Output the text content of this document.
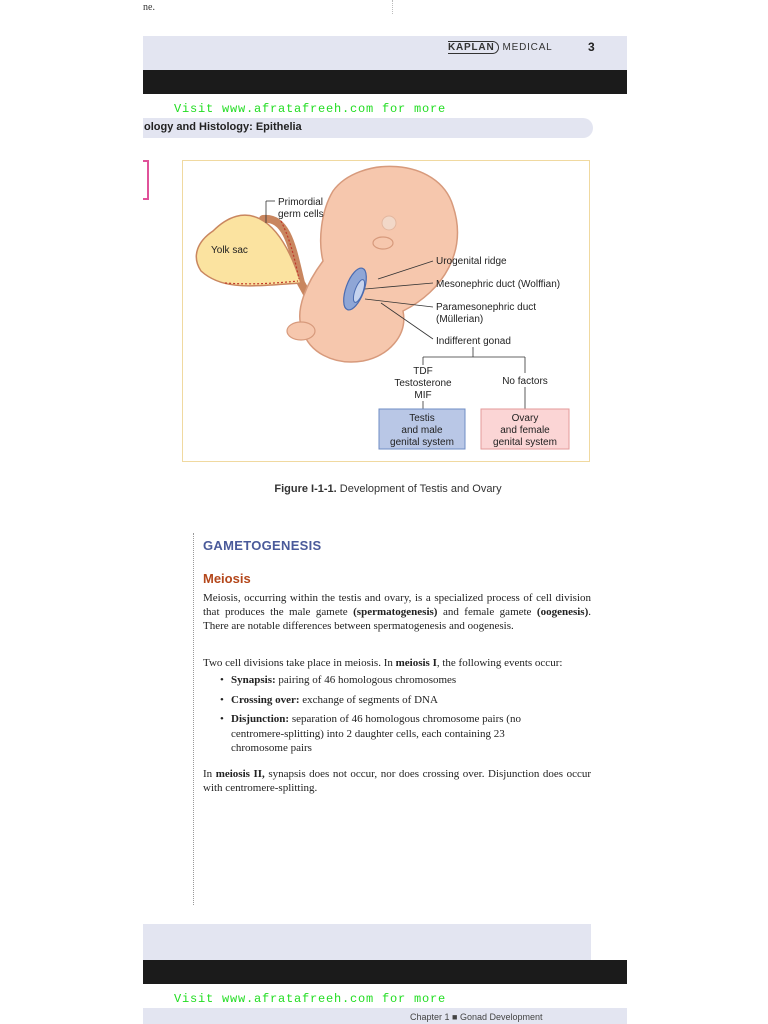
ne.
KAPLAN MEDICAL	3
Visit www.afratafreeh.com for more
ology and Histology: Epithelia
Primordial
germ cells
Yolk sac
Urogenital ridge
Mesonephric duct (Wolffian)
Paramesonephric duct
(Müllerian)
Indifferent gonad
TDF
Testosterone
MIF
No factors
Testis
and male
genital system
Ovary
and female
genital system
Figure I-1-1. Development of Testis and Ovary
GAMETOGENESIS
Meiosis
Meiosis, occurring within the testis and ovary, is a specialized process of cell division that produces the male gamete (spermatogenesis) and female gamete (oogenesis). There are notable differences between spermatogenesis and oogenesis.
Two cell divisions take place in meiosis. In meiosis I, the following events occur:
• Synapsis: pairing of 46 homologous chromosomes
• Crossing over: exchange of segments of DNA
• Disjunction: separation of 46 homologous chromosome pairs (no centromere-splitting) into 2 daughter cells, each containing 23 chromosome pairs
In meiosis II, synapsis does not occur, nor does crossing over. Disjunction does occur with centromere-splitting.
Visit www.afratafreeh.com for more
Chapter 1 ■ Gonad Development
